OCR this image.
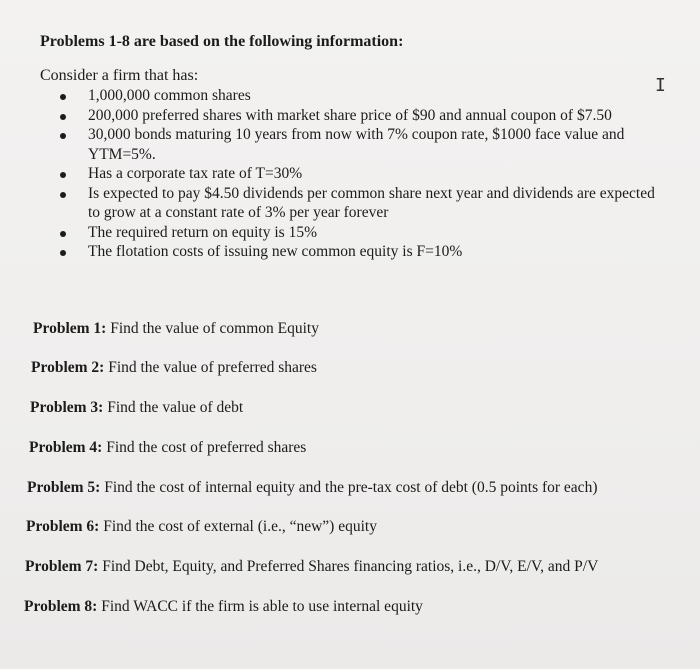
Problems 1-8 are based on the following information:
Consider a firm that has:	I
1,000,000 common shares
200,000 preferred shares with market share price of $90 and annual coupon of $7.50
30,000 bonds maturing 10 years from now with 7% coupon rate, $1000 face value and YTM=5%.
Has a corporate tax rate of T=30%
Is expected to pay $4.50 dividends per common share next year and dividends are expected to grow at a constant rate of 3% per year forever
The required return on equity is 15%
The flotation costs of issuing new common equity is F=10%
Problem 1: Find the value of common Equity
Problem 2: Find the value of preferred shares
Problem 3: Find the value of debt
Problem 4: Find the cost of preferred shares
Problem 5: Find the cost of internal equity and the pre-tax cost of debt (0.5 points for each)
Problem 6: Find the cost of external (i.e., “new”) equity
Problem 7: Find Debt, Equity, and Preferred Shares financing ratios, i.e., D/V, E/V, and P/V
Problem 8: Find WACC if the firm is able to use internal equity
